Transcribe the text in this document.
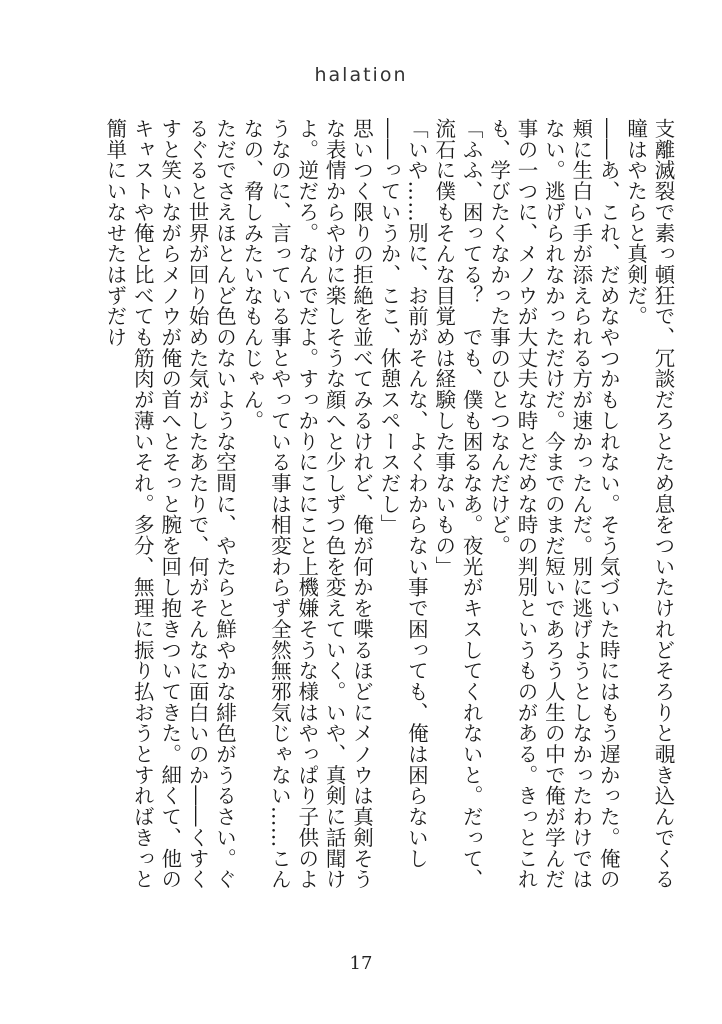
halation

支離滅裂で素っ頓狂で、冗談だろとため息をついたけれどそろりと覗き込んでくる瞳はやたらと真剣だ。

――あ、これ、だめなやつかもしれない。そう気づいた時にはもう遅かった。俺の頬に生白い手が添えられる方が速かったんだ。別に逃げようとしなかったわけではない。逃げられなかっただけだ。今までのまだ短いであろう人生の中で俺が学んだ事の一つに、メノウが大丈夫な時とだめな時の判別というものがある。きっとこれも、学びたくなかった事のひとつなんだけど。

「ふふ、困ってる？　でも、僕も困るなあ。夜光がキスしてくれないと。だって、流石に僕もそんな目覚めは経験した事ないもの」

「いや……別に、お前がそんな、よくわからない事で困っても、俺は困らないし――っていうか、ここ、休憩スペースだし」

思いつく限りの拒絶を並べてみるけれど、俺が何かを喋るほどにメノウは真剣そうな表情からやけに楽しそうな顔へと少しずつ色を変えていく。いや、真剣に話聞けよ。逆だろ。なんでだよ。すっかりにこにこと上機嫌そうな様はやっぱり子供のようなのに、言っている事とやっている事は相変わらず全然無邪気じゃない……こんなの、脅しみたいなもんじゃん。

ただでさえほとんど色のないような空間に、やたらと鮮やかな緋色がうるさい。ぐるぐると世界が回り始めた気がしたあたりで、何がそんなに面白いのか――くすくすと笑いながらメノウが俺の首へとそっと腕を回し抱きついてきた。細くて、他のキャストや俺と比べても筋肉が薄いそれ。多分、無理に振り払おうとすればきっと簡単にいなせたはずだけ

17
